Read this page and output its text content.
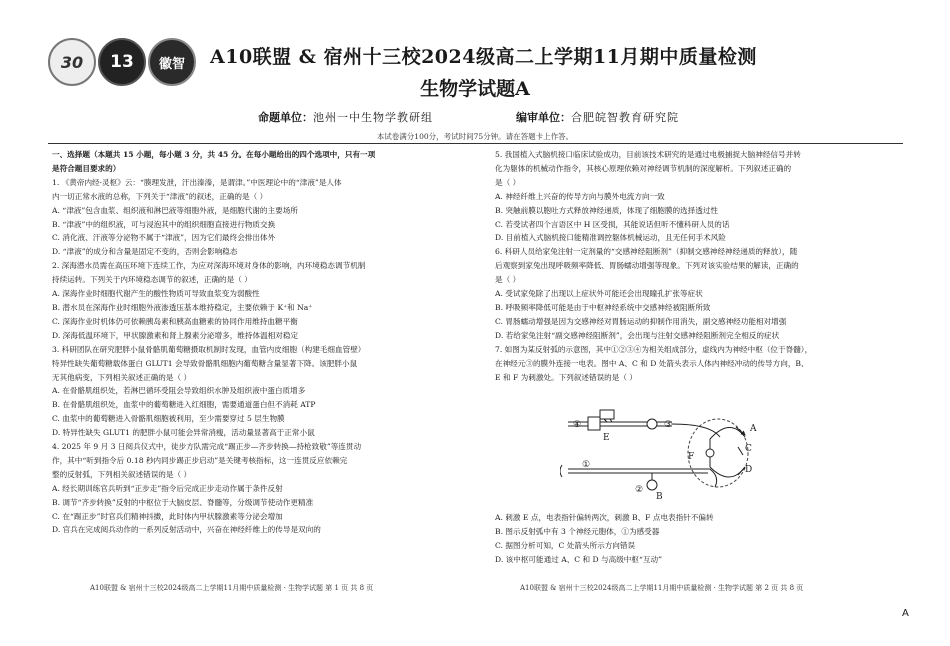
30	13	徽智	A10联盟 & 宿州十三校2024级高二上学期11月期中质量检测
生物学试题A
命题单位：池州一中生物学教研组	编审单位：合肥皖智教育研究院
本试卷满分100分，考试时间75分钟。请在答题卡上作答。

一、选择题（本题共 15 小题，每小题 3 分，共 45 分。在每小题给出的四个选项中，只有一项

是符合题目要求的）

1. 《黄帝内经·灵枢》云：“腠理发泄，汗出溱溱，是谓津。”中医理论中的“津液”是人体

内一切正常水液的总称，下列关于“津液”的叙述，正确的是（ ）

A. “津液”包含血浆、组织液和淋巴液等细胞外液，是细胞代谢的主要场所

B. “津液”中的组织液，可与浸泡其中的组织细胞直接进行物质交换

C. 消化液、汗液等分泌物不属于“津液”，因为它们最终会排出体外

D. “津液”的成分和含量是固定不变的，否则会影响稳态

2. 深海潜水员需在高压环境下连续工作，为应对深海环境对身体的影响，内环境稳态调节机制

持续运转。下列关于内环境稳态调节的叙述，正确的是（ ）

A. 深海作业时细胞代谢产生的酸性物质可导致血浆变为弱酸性

B. 潜水员在深海作业时细胞外液渗透压基本维持稳定，主要依赖于 K⁺和 Na⁺

C. 深海作业时机体仍可依赖胰岛素和胰高血糖素的协同作用维持血糖平衡

D. 深海低温环境下，甲状腺激素和肾上腺素分泌增多，维持体温相对稳定

3. 科研团队在研究肥胖小鼠骨骼肌葡萄糖摄取机制时发现，血管内皮细胞（构建毛细血管壁）

特异性缺失葡萄糖载体蛋白 GLUT1 会导致骨骼肌细胞内葡萄糖含量显著下降。该肥胖小鼠

无其他病变，下列相关叙述正确的是（ ）

A. 在骨骼肌组织处，若淋巴循环受阻会导致组织水肿及组织液中蛋白质增多

B. 在骨骼肌组织处，血浆中的葡萄糖进入红细胞，需要通道蛋白但不消耗 ATP

C. 血浆中的葡萄糖进入骨骼肌细胞被利用，至少需要穿过 5 层生物膜

D. 特异性缺失 GLUT1 的肥胖小鼠可能会异常消瘦，活动量显著高于正常小鼠

4. 2025 年 9 月 3 日阅兵仪式中，徒步方队需完成“踢正步—齐步转换—持枪致敬”等连贯动

作，其中“听到指令后 0.18 秒内同步踢正步启动”是关键考核指标，这一连贯反应依赖完

整的反射弧，下列相关叙述错误的是（ ）

A. 经长期训练官兵听到“正步走”指令后完成正步走动作属于条件反射

B. 调节“齐步转换”反射的中枢位于大脑皮层、脊髓等，分级调节使动作更精准

C. 在“踢正步”时官兵们精神抖擞，此时体内甲状腺激素等分泌会增加

D. 官兵在完成阅兵动作的一系列反射活动中，兴奋在神经纤维上的传导是双向的

5. 我国植入式脑机接口临床试验成功，目前该技术研究的是通过电极捕捉大脑神经信号并转

化为躯体的机械动作指令，其核心原理依赖对神经调节机制的深度解析。下列叙述正确的

是（ ）

A. 神经纤维上兴奋的传导方向与膜外电流方向一致

B. 突触前膜以胞吐方式释放神经递质，体现了细胞膜的选择透过性

C. 若受试者四个言语区中 H 区受损，其能说话但听不懂科研人员的话

D. 目前植入式脑机接口能精准调控躯体机械运动，且无任何手术风险

6. 科研人员给家兔注射一定剂量的“交感神经阻断剂”（抑制交感神经神经递质的释放），随

后观察到家兔出现呼吸频率降低、胃肠蠕动增强等现象。下列对该实验结果的解读，正确的

是（ ）

A. 受试家兔除了出现以上症状外可能还会出现瞳孔扩张等症状

B. 呼吸频率降低可能是由于中枢神经系统中交感神经被阻断所致

C. 胃肠蠕动增强是因为交感神经对胃肠运动的抑制作用消失，副交感神经功能相对增强

D. 若给家兔注射“副交感神经阻断剂”，会出现与注射交感神经阻断剂完全相反的症状

7. 如图为某反射弧的示意图，其中①②③④为相关组成部分，虚线内为神经中枢（位于脊髓），

在神经元③的膜外连接一电表。图中 A、C 和 D 处箭头表示人体内神经冲动的传导方向，B、

E 和 F 为刺激处。下列叙述错误的是（ ）

④
E
③
F
A
C
D
①
②
B

A. 刺激 E 点，电表指针偏转两次，刺激 B、F 点电表指针不偏转

B. 图示反射弧中有 3 个神经元胞体，①为感受器

C. 据图分析可知，C 处箭头所示方向错误

D. 该中枢可能通过 A、C 和 D 与高级中枢“互动”

A10联盟 & 宿州十三校2024级高二上学期11月期中质量检测 · 生物学试题 第 1 页 共 8 页	A10联盟 & 宿州十三校2024级高二上学期11月期中质量检测 · 生物学试题 第 2 页 共 8 页
A
